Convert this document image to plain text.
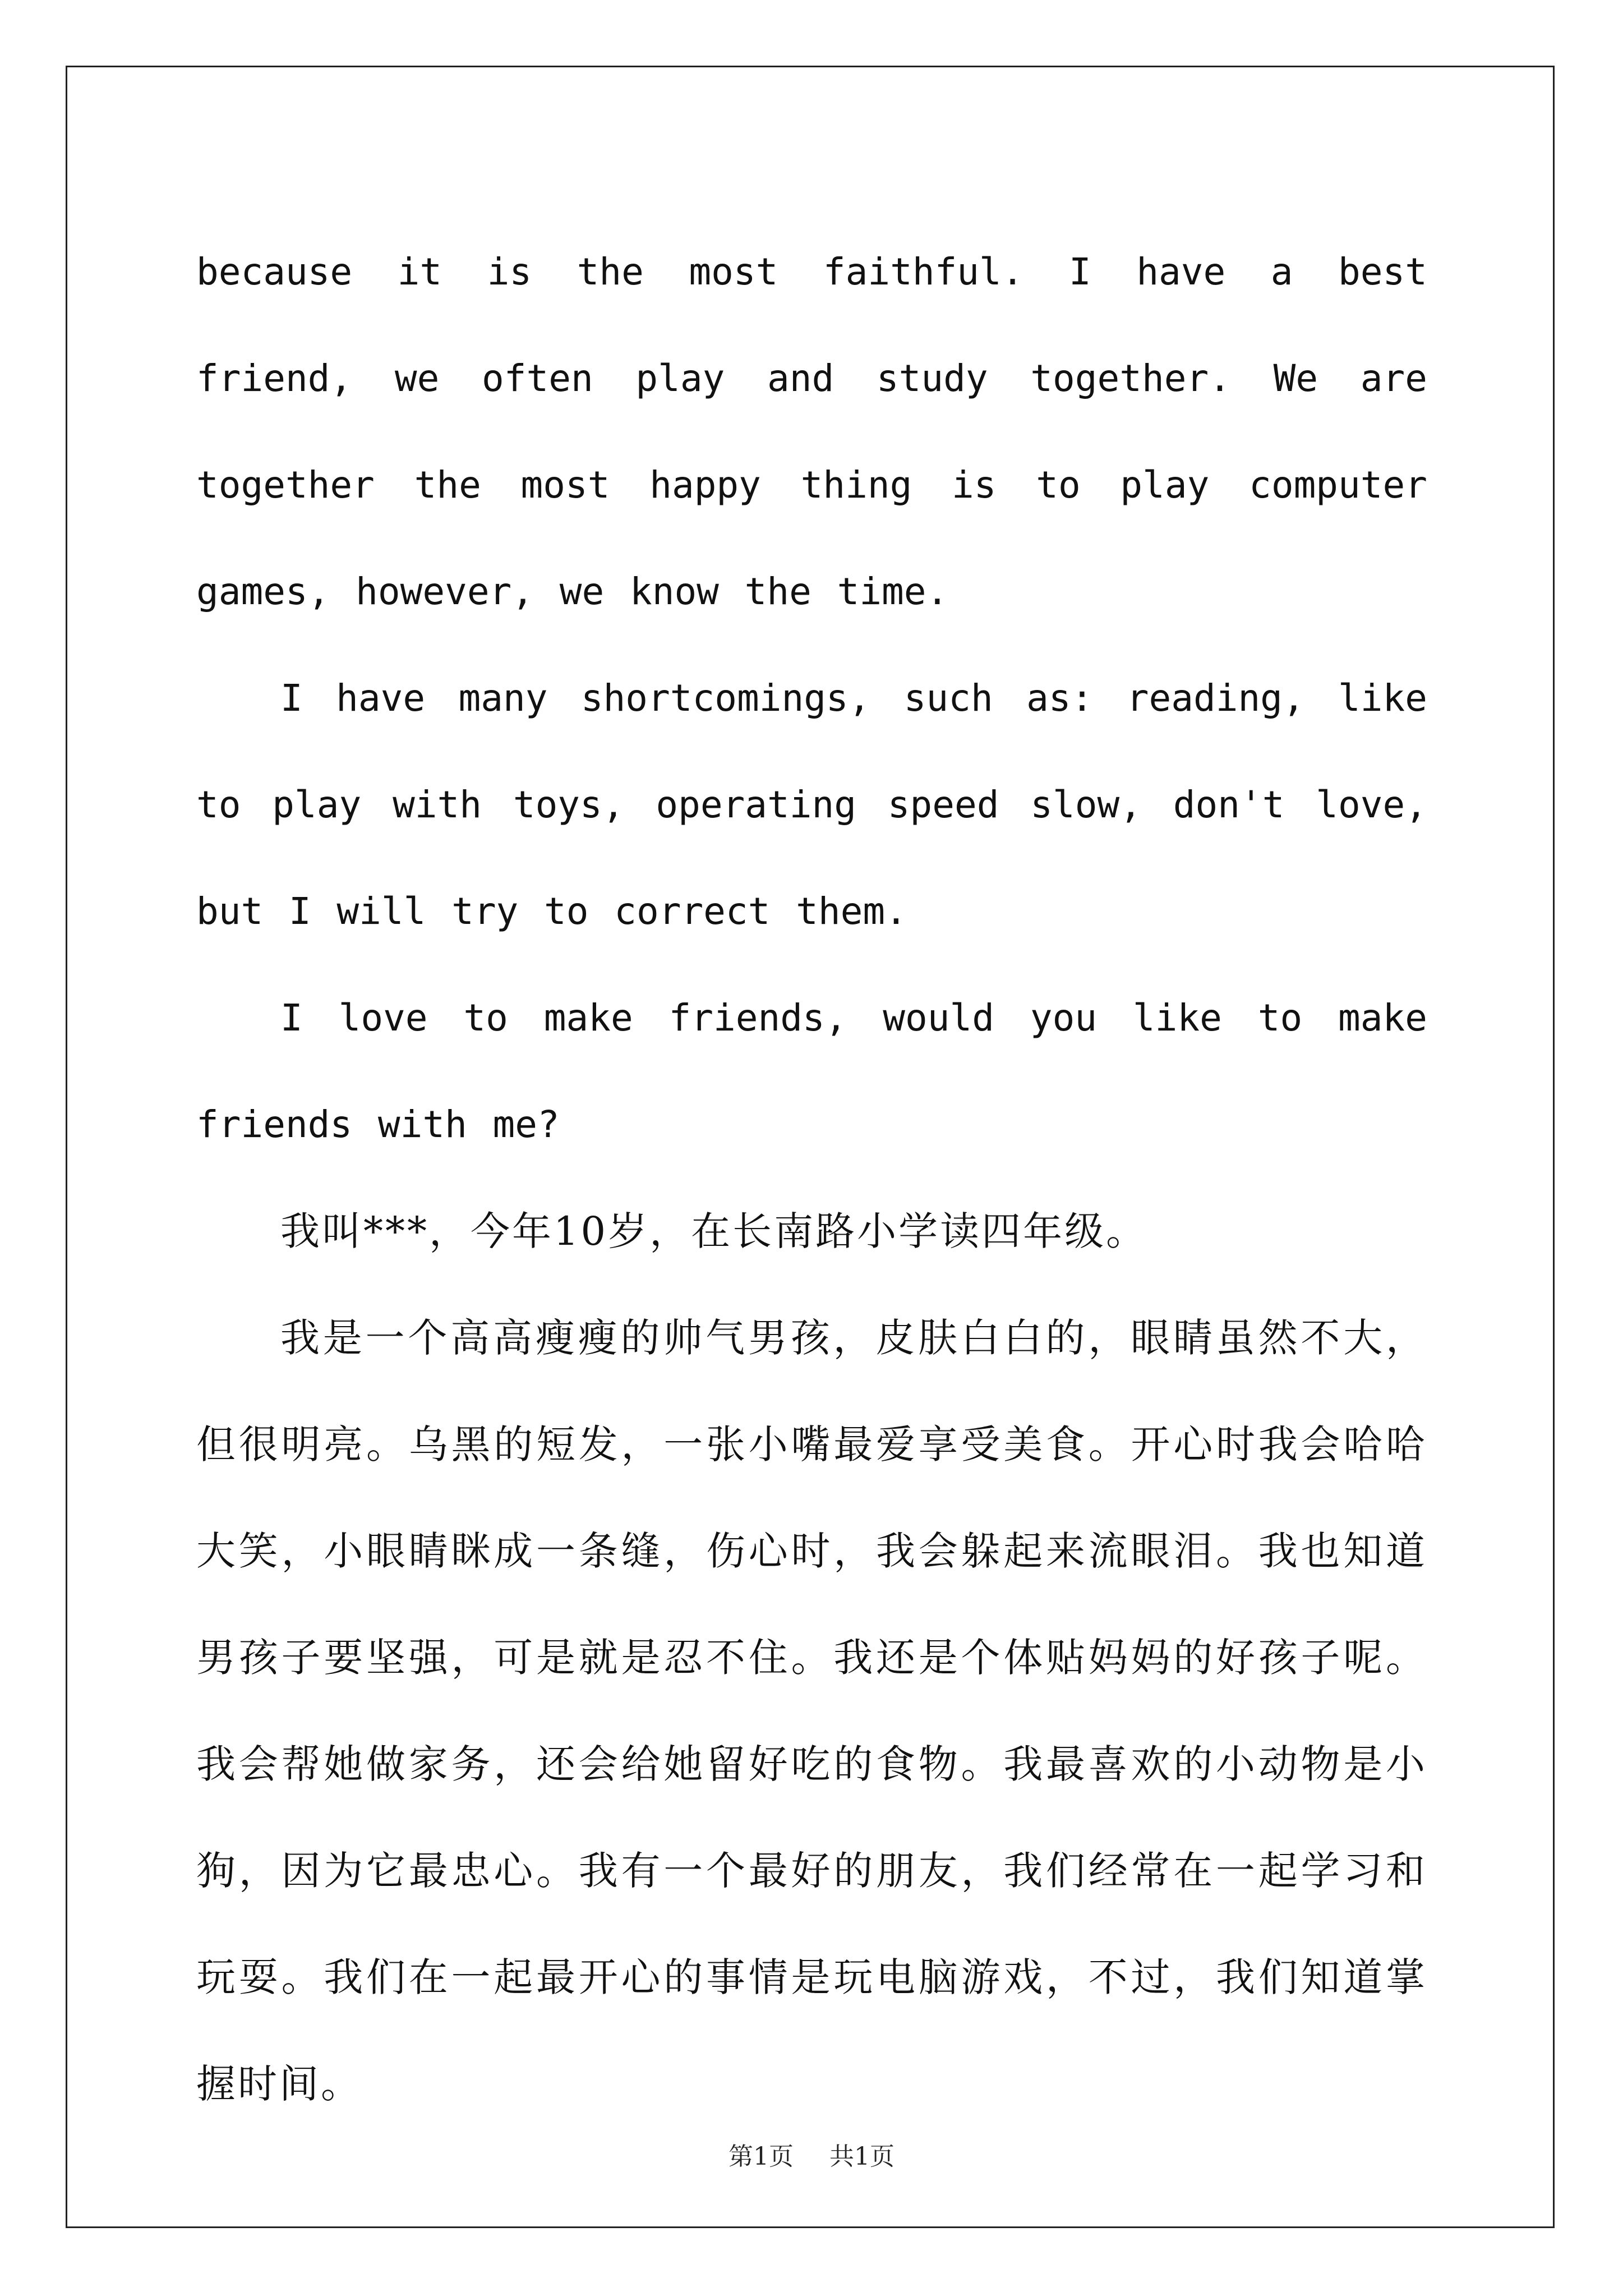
because it is the most faithful. I have a best friend, we often play and study together. We are together the most happy thing is to play computer games, however, we know the time.

I have many shortcomings, such as: reading, like to play with toys, operating speed slow, don't love, but I will try to correct them.

I love to make friends, would you like to make friends with me?

我叫***，今年10岁，在长南路小学读四年级。

我是一个高高瘦瘦的帅气男孩，皮肤白白的，眼睛虽然不大，但很明亮。乌黑的短发，一张小嘴最爱享受美食。开心时我会哈哈大笑，小眼睛眯成一条缝，伤心时，我会躲起来流眼泪。我也知道男孩子要坚强，可是就是忍不住。我还是个体贴妈妈的好孩子呢。我会帮她做家务，还会给她留好吃的食物。我最喜欢的小动物是小狗，因为它最忠心。我有一个最好的朋友，我们经常在一起学习和玩耍。我们在一起最开心的事情是玩电脑游戏，不过，我们知道掌握时间。

第1页 共1页
